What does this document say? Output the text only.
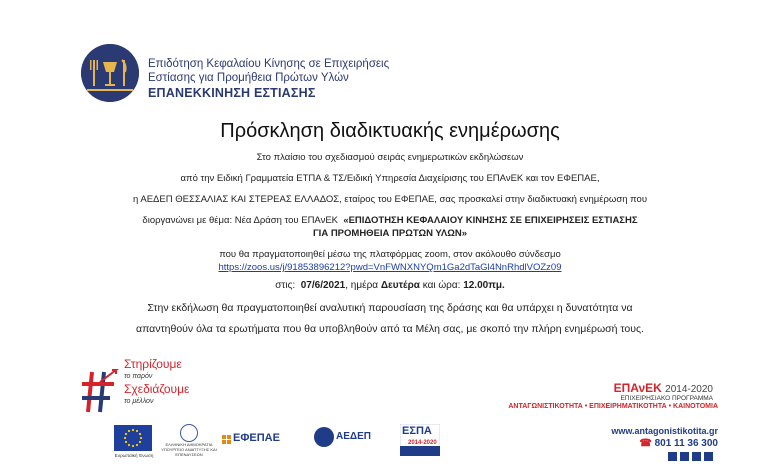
Επιδότηση Κεφαλαίου Κίνησης σε Επιχειρήσεις
Εστίασης για Προμήθεια Πρώτων Υλών
ΕΠΑΝΕΚΚΙΝΗΣΗ ΕΣΤΙΑΣΗΣ
Πρόσκληση διαδικτυακής ενημέρωσης
Στο πλαίσιο του σχεδιασμού σειράς ενημερωτικών εκδηλώσεων
από την Ειδική Γραμματεία ΕΤΠΑ & ΤΣ/Ειδική Υπηρεσία Διαχείρισης του ΕΠΑνΕΚ και τον ΕΦΕΠΑΕ,
η ΑΕΔΕΠ ΘΕΣΣΑΛΙΑΣ ΚΑΙ ΣΤΕΡΕΑΣ ΕΛΛΑΔΟΣ, εταίρος του ΕΦΕΠΑΕ, σας προσκαλεί στην διαδικτυακή ενημέρωση που
διοργανώνει με θέμα: Νέα Δράση του ΕΠΑνΕΚ «ΕΠΙΔΟΤΗΣΗ ΚΕΦΑΛΑΙΟΥ ΚΙΝΗΣΗΣ ΣΕ ΕΠΙΧΕΙΡΗΣΕΙΣ ΕΣΤΙΑΣΗΣ
ΓΙΑ ΠΡΟΜΗΘΕΙΑ ΠΡΩΤΩΝ ΥΛΩΝ»
που θα πραγματοποιηθεί μέσω της πλατφόρμας zoom, στον ακόλουθο σύνδεσμο
https://zoos.us/j/91853896212?pwd=VnFWNXNYQm1Ga2dTaGl4NnRhdlVOZz09
στις: 07/6/2021, ημέρα Δευτέρα και ώρα: 12.00πμ.
Στην εκδήλωση θα πραγματοποιηθεί αναλυτική παρουσίαση της δράσης και θα υπάρχει η δυνατότητα να
απαντηθούν όλα τα ερωτήματα που θα υποβληθούν από τα Μέλη σας, με σκοπό την πλήρη ενημέρωσή τους.
Στηρίζουμε
το παρόν
Σχεδιάζουμε
το μέλλον
ΕΠΑνΕΚ 2014-2020
ΕΠΙΧΕΙΡΗΣΙΑΚΟ ΠΡΟΓΡΑΜΜΑ
ΑΝΤΑΓΩΝΙΣΤΙΚΟΤΗΤΑ • ΕΠΙΧΕΙΡΗΜΑΤΙΚΟΤΗΤΑ • ΚΑΙΝΟΤΟΜΙΑ
www.antagonistikotita.gr
☎ 801 11 36 300
Ευρωπαϊκή Ένωση
ΕΛΛΗΝΙΚΗ ΔΗΜΟΚΡΑΤΙΑ ΥΠΟΥΡΓΕΙΟ ΑΝΑΠΤΥΞΗΣ ΚΑΙ ΕΠΕΝΔΥΣΕΩΝ
ΕΦΕΠΑΕ	ΑΕΔΕΠ	ΕΣΠΑ
2014-2020
